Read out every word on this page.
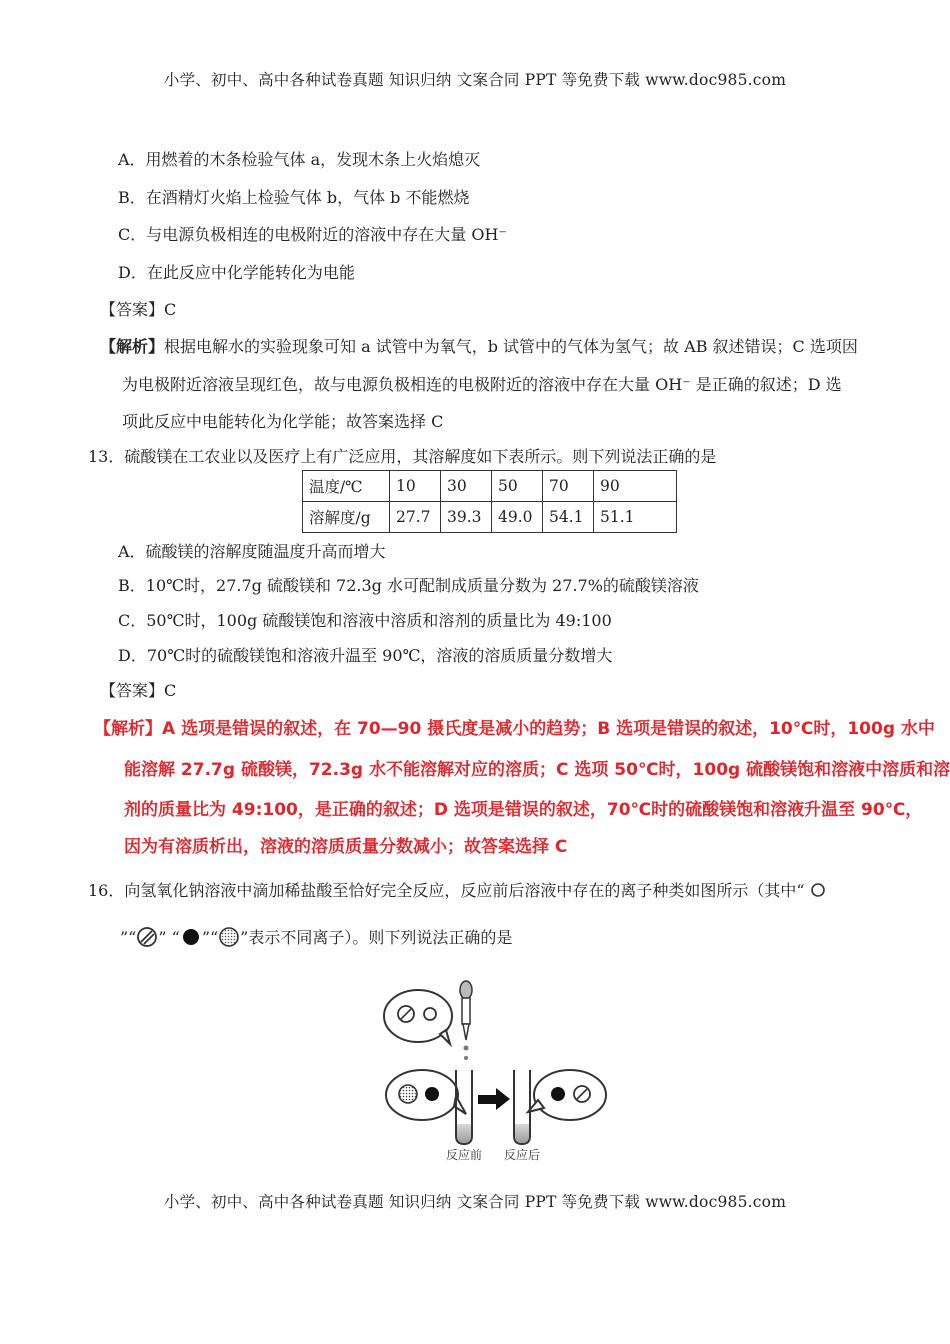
小学、初中、高中各种试卷真题 知识归纳 文案合同 PPT 等免费下载 www.doc985.com
A．用燃着的木条检验气体 a，发现木条上火焰熄灭
B．在酒精灯火焰上检验气体 b，气体 b 不能燃烧
C．与电源负极相连的电极附近的溶液中存在大量 OH⁻
D．在此反应中化学能转化为电能
【答案】C
【解析】根据电解水的实验现象可知 a 试管中为氧气，b 试管中的气体为氢气；故 AB 叙述错误；C 选项因
为电极附近溶液呈现红色，故与电源负极相连的电极附近的溶液中存在大量 OH⁻ 是正确的叙述；D 选
项此反应中电能转化为化学能；故答案选择 C
13．硫酸镁在工农业以及医疗上有广泛应用，其溶解度如下表所示。则下列说法正确的是
温度/℃	10	30	50	70	90
溶解度/g	27.7	39.3	49.0	54.1	51.1
A．硫酸镁的溶解度随温度升高而增大
B．10℃时，27.7g 硫酸镁和 72.3g 水可配制成质量分数为 27.7%的硫酸镁溶液
C．50℃时，100g 硫酸镁饱和溶液中溶质和溶剂的质量比为 49:100
D．70℃时的硫酸镁饱和溶液升温至 90℃，溶液的溶质质量分数增大
【答案】C
【解析】A 选项是错误的叙述，在 70—90 摄氏度是减小的趋势；B 选项是错误的叙述，10℃时，100g 水中
能溶解 27.7g 硫酸镁，72.3g 水不能溶解对应的溶质；C 选项 50℃时，100g 硫酸镁饱和溶液中溶质和溶
剂的质量比为 49:100，是正确的叙述；D 选项是错误的叙述，70℃时的硫酸镁饱和溶液升温至 90℃，
因为有溶质析出，溶液的溶质质量分数减小；故答案选择 C
16．向氢氧化钠溶液中滴加稀盐酸至恰好完全反应，反应前后溶液中存在的离子种类如图所示（其中“
”“ ” “ ”“ ”表示不同离子）。则下列说法正确的是
反应前 反应后
小学、初中、高中各种试卷真题 知识归纳 文案合同 PPT 等免费下载 www.doc985.com
